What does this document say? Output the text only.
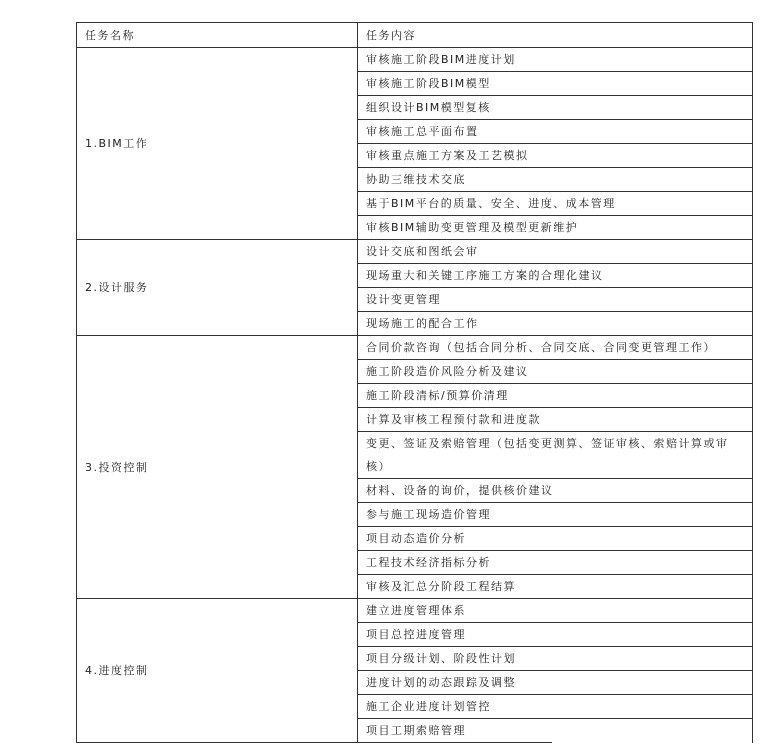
任务名称	任务内容
1.BIM工作	审核施工阶段BIM进度计划
	审核施工阶段BIM模型
	组织设计BIM模型复核
	审核施工总平面布置
	审核重点施工方案及工艺模拟
	协助三维技术交底
	基于BIM平台的质量、安全、进度、成本管理
	审核BIM辅助变更管理及模型更新维护
2.设计服务	设计交底和图纸会审
	现场重大和关键工序施工方案的合理化建议
	设计变更管理
	现场施工的配合工作
3.投资控制	合同价款咨询（包括合同分析、合同交底、合同变更管理工作）
	施工阶段造价风险分析及建议
	施工阶段清标/预算价清理
	计算及审核工程预付款和进度款
	变更、签证及索赔管理（包括变更测算、签证审核、索赔计算或审核）
	材料、设备的询价，提供核价建议
	参与施工现场造价管理
	项目动态造价分析
	工程技术经济指标分析
	审核及汇总分阶段工程结算
4.进度控制	建立进度管理体系
	项目总控进度管理
	项目分级计划、阶段性计划
	进度计划的动态跟踪及调整
	施工企业进度计划管控
	项目工期索赔管理
